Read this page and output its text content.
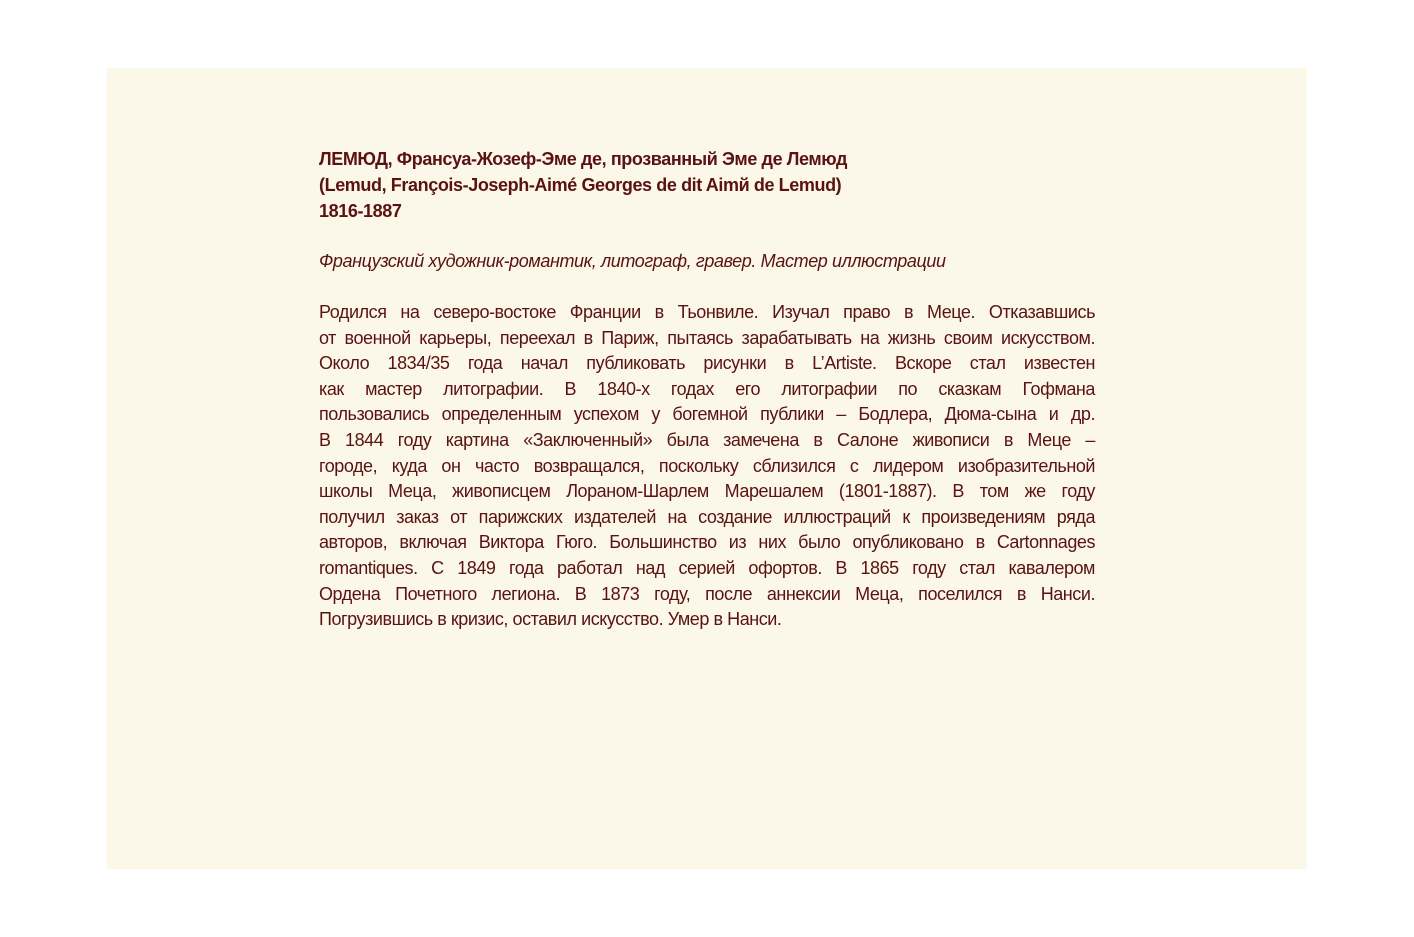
ЛЕМЮД, Франсуа-Жозеф-Эме де, прозванный Эме де Лемюд
(Lemud, François-Joseph-Aimé Georges de dit Aimй de Lemud)
1816-1887

Французский художник-романтик, литограф, гравер. Мастер иллюстрации

Родился на северо-востоке Франции в Тьонвиле. Изучал право в Меце. Отказавшись
от военной карьеры, переехал в Париж, пытаясь зарабатывать на жизнь своим искусством.
Около 1834/35 года начал публиковать рисунки в L’Artiste. Вскоре стал известен
как мастер литографии. В 1840-х годах его литографии по сказкам Гофмана
пользовались определенным успехом у богемной публики – Бодлера, Дюма-сына и др.
В 1844 году картина «Заключенный» была замечена в Салоне живописи в Меце –
городе, куда он часто возвращался, поскольку сблизился с лидером изобразительной
школы Меца, живописцем Лораном-Шарлем Марешалем (1801-1887). В том же году
получил заказ от парижских издателей на создание иллюстраций к произведениям ряда
авторов, включая Виктора Гюго. Большинство из них было опубликовано в Cartonnages
romantiques. С 1849 года работал над серией офортов. В 1865 году стал кавалером
Ордена Почетного легиона. В 1873 году, после аннексии Меца, поселился в Нанси.
Погрузившись в кризис, оставил искусство. Умер в Нанси.
